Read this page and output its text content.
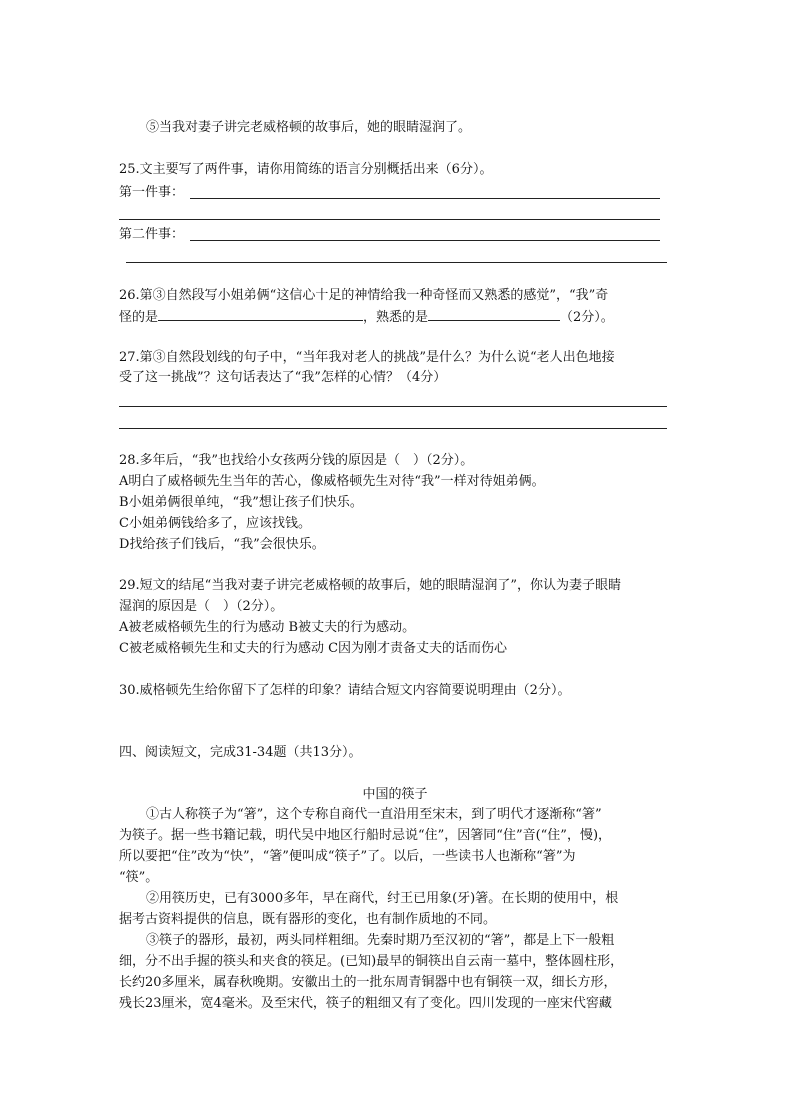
⑤当我对妻子讲完老威格顿的故事后，她的眼睛湿润了。
25.文主要写了两件事，请你用简练的语言分别概括出来（6分）。
第一件事：
第二件事：
26.第③自然段写小姐弟俩“这信心十足的神情给我一种奇怪而又熟悉的感觉”，“我”奇
怪的是	，熟悉的是	（2分）。
27.第③自然段划线的句子中，“当年我对老人的挑战”是什么？为什么说“老人出色地接
受了这一挑战”？这句话表达了“我”怎样的心情？（4分）
28.多年后，“我”也找给小女孩两分钱的原因是（　）（2分）。
A明白了威格顿先生当年的苦心，像威格顿先生对待“我”一样对待姐弟俩。
B小姐弟俩很单纯，“我”想让孩子们快乐。
C小姐弟俩钱给多了，应该找钱。
D找给孩子们钱后，“我”会很快乐。
29.短文的结尾“当我对妻子讲完老威格顿的故事后，她的眼睛湿润了”，你认为妻子眼睛
湿润的原因是（　）（2分）。
A被老威格顿先生的行为感动 B被丈夫的行为感动。
C被老威格顿先生和丈夫的行为感动 C因为刚才责备丈夫的话而伤心
30.威格顿先生给你留下了怎样的印象？请结合短文内容简要说明理由（2分）。
四、阅读短文，完成31-34题（共13分）。
中国的筷子
①古人称筷子为“箸”，这个专称自商代一直沿用至宋末，到了明代才逐渐称“箸”
为筷子。据一些书籍记载，明代吴中地区行船时忌说“住”，因箸同“住”音(“住”，慢)，
所以要把“住”改为“快”，“箸”便叫成“筷子”了。以后，一些读书人也渐称“箸”为
“筷”。
②用筷历史，已有3000多年，早在商代，纣王已用象(牙)箸。在长期的使用中，根
据考古资料提供的信息，既有器形的变化，也有制作质地的不同。
③筷子的器形，最初，两头同样粗细。先秦时期乃至汉初的“箸”，都是上下一般粗
细，分不出手握的筷头和夹食的筷足。(已知)最早的铜筷出自云南一墓中，整体圆柱形，
长约20多厘米，属春秋晚期。安徽出土的一批东周青铜器中也有铜筷一双，细长方形，
残长23厘米，宽4毫米。及至宋代，筷子的粗细又有了变化。四川发现的一座宋代窖藏
